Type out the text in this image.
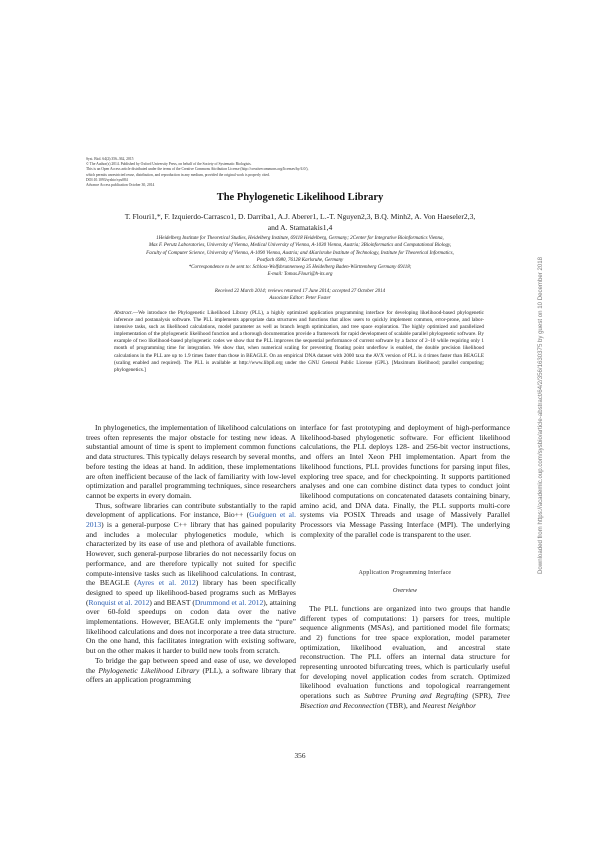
Syst. Biol. 64(2):356–362, 2015
© The Author(s) 2014. Published by Oxford University Press, on behalf of the Society of Systematic Biologists.
This is an Open Access article distributed under the terms of the Creative Commons Attribution License (http://creativecommons.org/licenses/by/4.0/),
which permits unrestricted reuse, distribution, and reproduction in any medium, provided the original work is properly cited.
DOI:10.1093/sysbio/syu084
Advance Access publication October 30, 2014
The Phylogenetic Likelihood Library
T. Flouri1,*, F. Izquierdo-Carrasco1, D. Darriba1, A.J. Aberer1, L.-T. Nguyen2,3, B.Q. Minh2, A. Von Haeseler2,3,
and A. Stamatakis1,4
1Heidelberg Institute for Theoretical Studies, Heidelberg Institute, 69118 Heidelberg, Germany; 2Center for Integrative Bioinformatics Vienna,
Max F. Perutz Laboratories, University of Vienna, Medical University of Vienna, A-1030 Vienna, Austria; 3Bioinformatics and Computational Biology,
Faculty of Computer Science, University of Vienna, A-1090 Vienna, Austria; and 4Karlsruhe Institute of Technology, Institute for Theoretical Informatics,
Postfach 6980, 76128 Karlsruhe, Germany
*Correspondence to be sent to: Schloss-Wolfsbrunnenweg 35 Heidelberg Baden-Württemberg Germany 69118;
E-mail: Tomas.Flouri@h-its.org
Received 22 March 2014; reviews returned 17 June 2014; accepted 27 October 2014
Associate Editor: Peter Foster
Abstract.—We introduce the Phylogenetic Likelihood Library (PLL), a highly optimized application programming interface for developing likelihood-based phylogenetic inference and postanalysis software. The PLL implements appropriate data structures and functions that allow users to quickly implement common, error-prone, and labor-intensive tasks, such as likelihood calculations, model parameter as well as branch length optimization, and tree space exploration. The highly optimized and parallelized implementation of the phylogenetic likelihood function and a thorough documentation provide a framework for rapid development of scalable parallel phylogenetic software. By example of two likelihood-based phylogenetic codes we show that the PLL improves the sequential performance of current software by a factor of 2–10 while requiring only 1 month of programming time for integration. We show that, when numerical scaling for preventing floating point underflow is enabled, the double precision likelihood calculations in the PLL are up to 1.9 times faster than those in BEAGLE. On an empirical DNA dataset with 2000 taxa the AVX version of PLL is 4 times faster than BEAGLE (scaling enabled and required). The PLL is available at http://www.libpll.org under the GNU General Public License (GPL). [Maximum likelihood; parallel computing; phylogenetics.]

In phylogenetics, the implementation of likelihood calculations on trees often represents the major obstacle for testing new ideas. A substantial amount of time is spent to implement common functions and data structures. This typically delays research by several months, before testing the ideas at hand. In addition, these implementations are often inefficient because of the lack of familiarity with low-level optimization and parallel programming techniques, since researchers cannot be experts in every domain.

Thus, software libraries can contribute substantially to the rapid development of applications. For instance, Bio++ (Guéguen et al. 2013) is a general-purpose C++ library that has gained popularity and includes a molecular phylogenetics module, which is characterized by its ease of use and plethora of available functions. However, such general-purpose libraries do not necessarily focus on performance, and are therefore typically not suited for specific compute-intensive tasks such as likelihood calculations. In contrast, the BEAGLE (Ayres et al. 2012) library has been specifically designed to speed up likelihood-based programs such as MrBayes (Ronquist et al. 2012) and BEAST (Drummond et al. 2012), attaining over 60-fold speedups on codon data over the native implementations. However, BEAGLE only implements the “pure” likelihood calculations and does not incorporate a tree data structure. On the one hand, this facilitates integration with existing software, but on the other makes it harder to build new tools from scratch.

To bridge the gap between speed and ease of use, we developed the Phylogenetic Likelihood Library (PLL), a software library that offers an application programming

interface for fast prototyping and deployment of high-performance likelihood-based phylogenetic software. For efficient likelihood calculations, the PLL deploys 128- and 256-bit vector instructions, and offers an Intel Xeon PHI implementation. Apart from the likelihood functions, PLL provides functions for parsing input files, exploring tree space, and for checkpointing. It supports partitioned analyses and one can combine distinct data types to conduct joint likelihood computations on concatenated datasets containing binary, amino acid, and DNA data. Finally, the PLL supports multi-core systems via POSIX Threads and usage of Massively Parallel Processors via Message Passing Interface (MPI). The underlying complexity of the parallel code is transparent to the user.

Application Programming Interface
Overview

The PLL functions are organized into two groups that handle different types of computations: 1) parsers for trees, multiple sequence alignments (MSAs), and partitioned model file formats; and 2) functions for tree space exploration, model parameter optimization, likelihood evaluation, and ancestral state reconstruction. The PLL offers an internal data structure for representing unrooted bifurcating trees, which is particularly useful for developing novel application codes from scratch. Optimized likelihood evaluation functions and topological rearrangement operations such as Subtree Pruning and Regrafting (SPR), Tree Bisection and Reconnection (TBR), and Nearest Neighbor

356
Downloaded from https://academic.oup.com/sysbio/article-abstract/64/2/356/1630375 by guest on 10 December 2018
